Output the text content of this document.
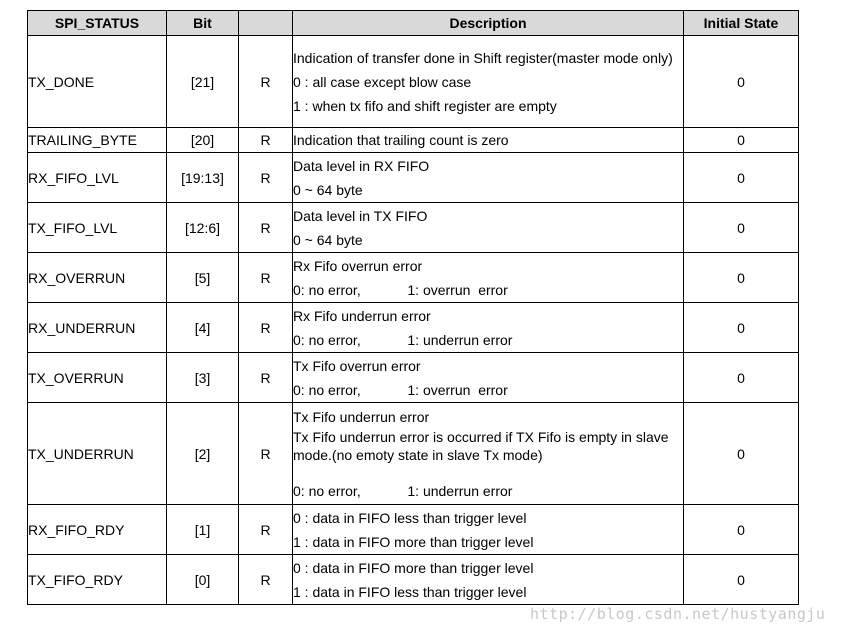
SPI_STATUS	Bit		Description	Initial State
TX_DONE	[21]	R	Indication of transfer done in Shift register(master mode only)
0 : all case except blow case
1 : when tx fifo and shift register are empty	0
TRAILING_BYTE	[20]	R	Indication that trailing count is zero	0
RX_FIFO_LVL	[19:13]	R	Data level in RX FIFO
0 ~ 64 byte	0
TX_FIFO_LVL	[12:6]	R	Data level in TX FIFO
0 ~ 64 byte	0
RX_OVERRUN	[5]	R	Rx Fifo overrun error
0: no error,            1: overrun  error	0
RX_UNDERRUN	[4]	R	Rx Fifo underrun error
0: no error,            1: underrun error	0
TX_OVERRUN	[3]	R	Tx Fifo overrun error
0: no error,            1: overrun  error	0
TX_UNDERRUN	[2]	R	Tx Fifo underrun error
Tx Fifo underrun error is occurred if TX Fifo is empty in slave mode.(no emoty state in slave Tx mode)
0: no error,            1: underrun error	0
RX_FIFO_RDY	[1]	R	0 : data in FIFO less than trigger level
1 : data in FIFO more than trigger level	0
TX_FIFO_RDY	[0]	R	0 : data in FIFO more than trigger level
1 : data in FIFO less than trigger level	0
http://blog.csdn.net/hustyangju
